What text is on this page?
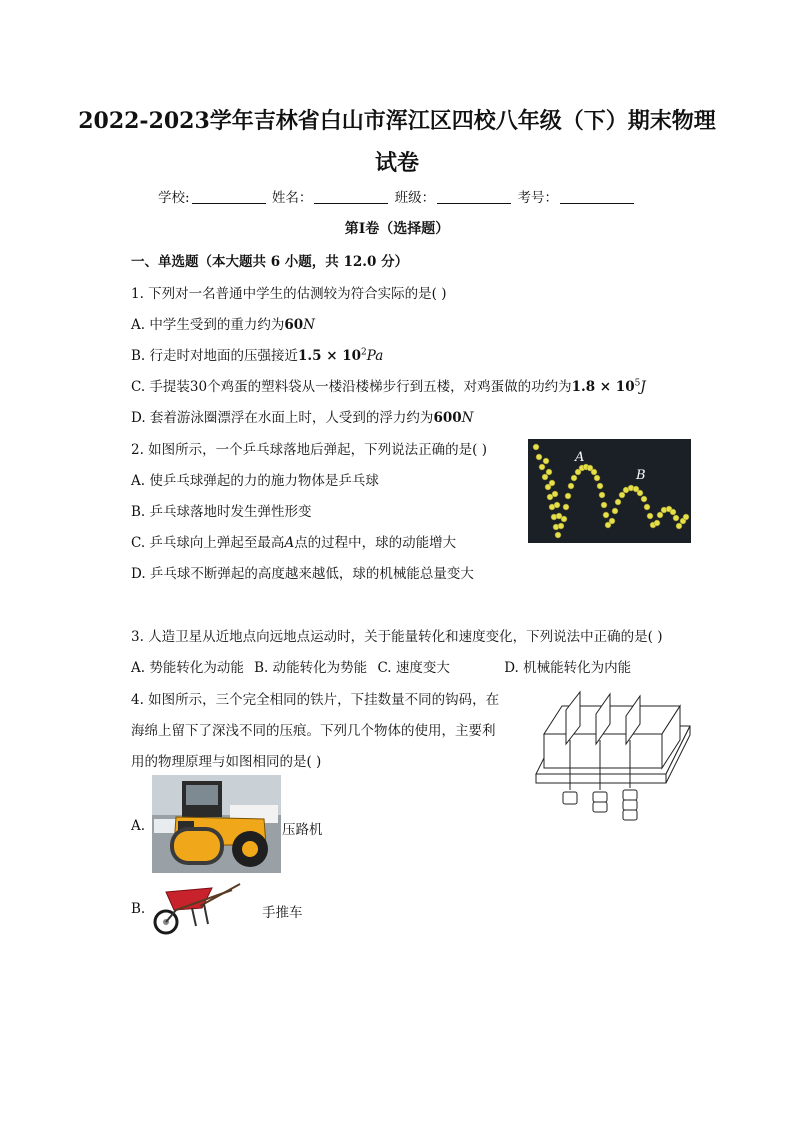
2022-2023学年吉林省白山市浑江区四校八年级（下）期末物理
试卷
学校:	姓名：	班级：	考号：
第I卷（选择题）
一、单选题（本大题共 6 小题，共 12.0 分）
1. 下列对一名普通中学生的估测较为符合实际的是( )
A. 中学生受到的重力约为60N
B. 行走时对地面的压强接近$1.5 \times 10^2Pa$
C. 手提装30个鸡蛋的塑料袋从一楼沿楼梯步行到五楼，对鸡蛋做的功约为$1.8 \times 10^5J$
D. 套着游泳圈漂浮在水面上时，人受到的浮力约为600N
2. 如图所示，一个乒乓球落地后弹起，下列说法正确的是( )
A. 使乒乓球弹起的力的施力物体是乒乓球
B. 乒乓球落地时发生弹性形变
C. 乒乓球向上弹起至最高A点的过程中，球的动能增大
D. 乒乓球不断弹起的高度越来越低，球的机械能总量变大
A
B
3. 人造卫星从近地点向远地点运动时，关于能量转化和速度变化，下列说法中正确的是( )
A. 势能转化为动能 B. 动能转化为势能 C. 速度变大	D. 机械能转化为内能
4. 如图所示，三个完全相同的铁片，下挂数量不同的钩码，在
海绵上留下了深浅不同的压痕。下列几个物体的使用，主要利
用的物理原理与如图相同的是( )
A.	压路机
B.	手推车
